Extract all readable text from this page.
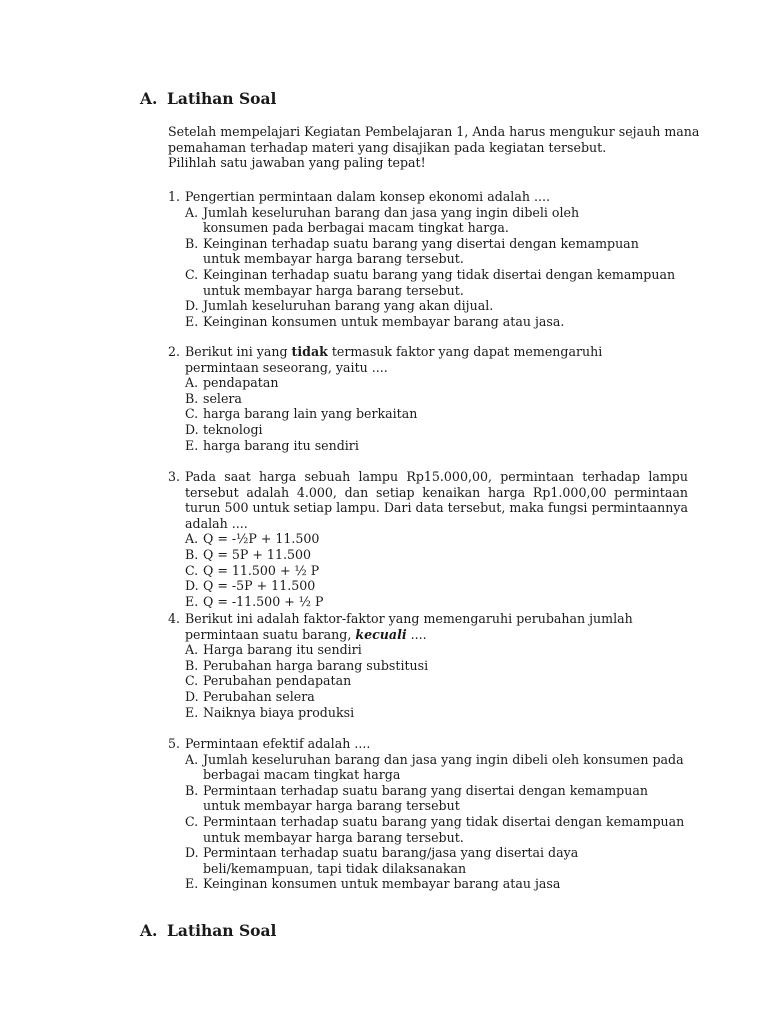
A. Latihan Soal
Setelah mempelajari Kegiatan Pembelajaran 1, Anda harus mengukur sejauh mana
pemahaman terhadap materi yang disajikan pada kegiatan tersebut.
Pilihlah satu jawaban yang paling tepat!
1. Pengertian permintaan dalam konsep ekonomi adalah ....
A. Jumlah keseluruhan barang dan jasa yang ingin dibeli oleh konsumen pada berbagai macam tingkat harga.
B. Keinginan terhadap suatu barang yang disertai dengan kemampuan untuk membayar harga barang tersebut.
C. Keinginan terhadap suatu barang yang tidak disertai dengan kemampuan untuk membayar harga barang tersebut.
D. Jumlah keseluruhan barang yang akan dijual.
E. Keinginan konsumen untuk membayar barang atau jasa.
2. Berikut ini yang tidak termasuk faktor yang dapat memengaruhi permintaan seseorang, yaitu ....
A. pendapatan
B. selera
C. harga barang lain yang berkaitan
D. teknologi
E. harga barang itu sendiri
3. Pada saat harga sebuah lampu Rp15.000,00, permintaan terhadap lampu tersebut adalah 4.000, dan setiap kenaikan harga Rp1.000,00 permintaan turun 500 untuk setiap lampu. Dari data tersebut, maka fungsi permintaannya adalah ....
A. Q = -½P + 11.500
B. Q = 5P + 11.500
C. Q = 11.500 + ½ P
D. Q = -5P + 11.500
E. Q = -11.500 + ½ P
4. Berikut ini adalah faktor-faktor yang memengaruhi perubahan jumlah permintaan suatu barang, kecuali ....
A. Harga barang itu sendiri
B. Perubahan harga barang substitusi
C. Perubahan pendapatan
D. Perubahan selera
E. Naiknya biaya produksi
5. Permintaan efektif adalah ....
A. Jumlah keseluruhan barang dan jasa yang ingin dibeli oleh konsumen pada berbagai macam tingkat harga
B. Permintaan terhadap suatu barang yang disertai dengan kemampuan untuk membayar harga barang tersebut
C. Permintaan terhadap suatu barang yang tidak disertai dengan kemampuan untuk membayar harga barang tersebut.
D. Permintaan terhadap suatu barang/jasa yang disertai daya beli/kemampuan, tapi tidak dilaksanakan
E. Keinginan konsumen untuk membayar barang atau jasa
A. Latihan Soal
